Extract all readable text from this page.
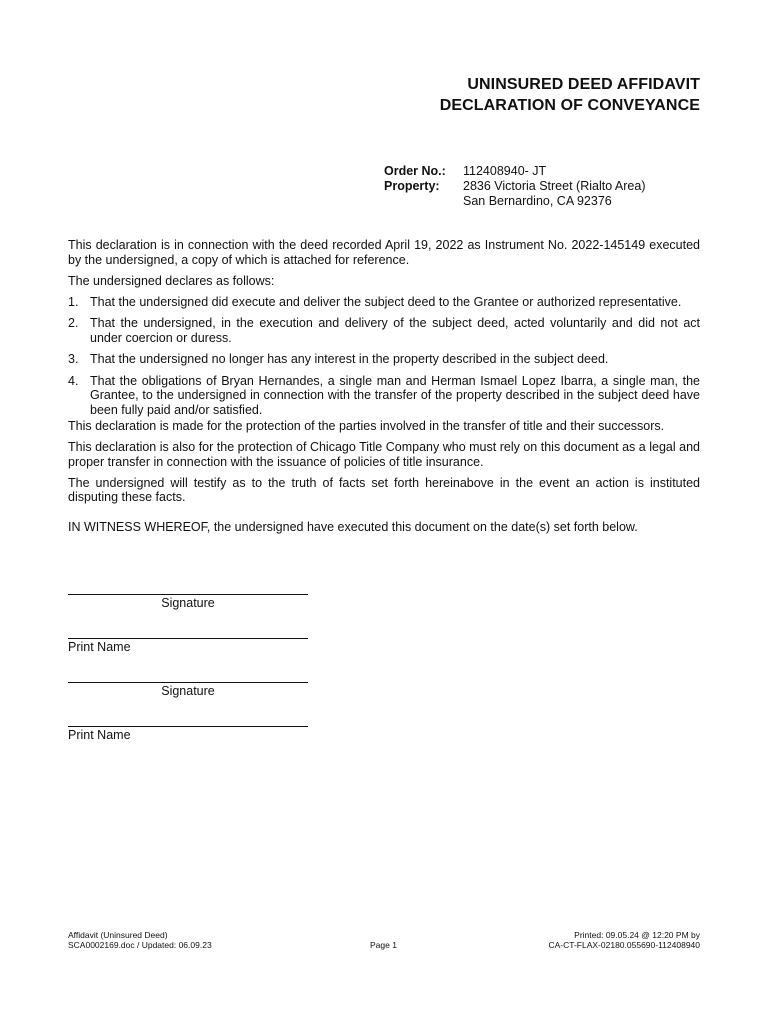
UNINSURED DEED AFFIDAVIT
DECLARATION OF CONVEYANCE
Order No.:	112408940- JT
Property:	2836 Victoria Street (Rialto Area)
San Bernardino, CA 92376

This declaration is in connection with the deed recorded April 19, 2022 as Instrument No. 2022-145149 executed by the undersigned, a copy of which is attached for reference.

The undersigned declares as follows:

1. That the undersigned did execute and deliver the subject deed to the Grantee or authorized representative.
2. That the undersigned, in the execution and delivery of the subject deed, acted voluntarily and did not act under coercion or duress.
3. That the undersigned no longer has any interest in the property described in the subject deed.
4. That the obligations of Bryan Hernandes, a single man and Herman Ismael Lopez Ibarra, a single man, the Grantee, to the undersigned in connection with the transfer of the property described in the subject deed have been fully paid and/or satisfied.

This declaration is made for the protection of the parties involved in the transfer of title and their successors.

This declaration is also for the protection of Chicago Title Company who must rely on this document as a legal and proper transfer in connection with the issuance of policies of title insurance.

The undersigned will testify as to the truth of facts set forth hereinabove in the event an action is instituted disputing these facts.

IN WITNESS WHEREOF, the undersigned have executed this document on the date(s) set forth below.

Signature
Print Name
Signature
Print Name
Affidavit (Uninsured Deed)
SCA0002169.doc / Updated: 06.09.23	Page 1
Printed: 09.05.24 @ 12:20 PM by
CA-CT-FLAX-02180.055690-112408940
